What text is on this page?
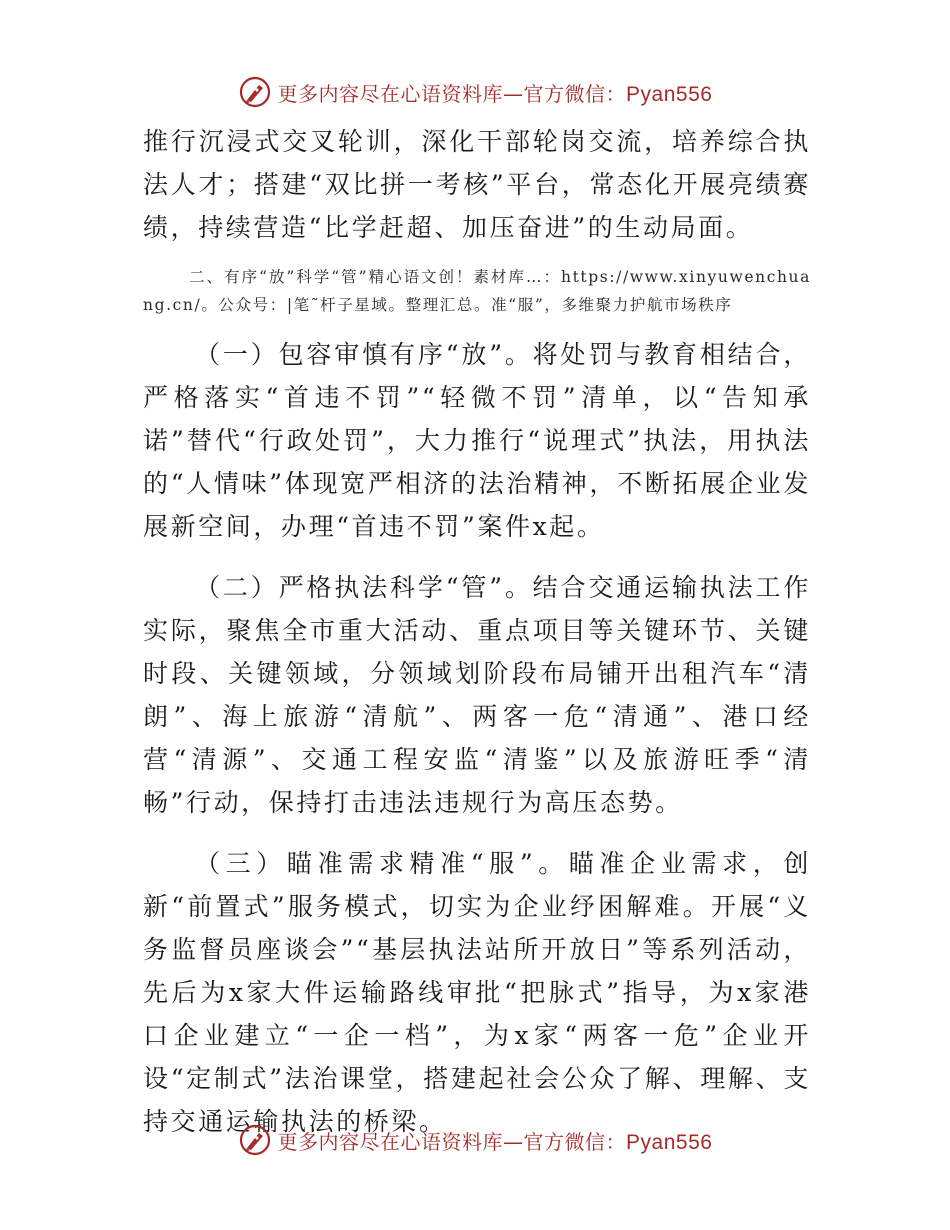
更多内容尽在心语资料库—官方微信：Pyan556

推行沉浸式交叉轮训，深化干部轮岗交流，培养综合执法人才；搭建“双比拼一考核”平台，常态化开展亮绩赛绩，持续营造“比学赶超、加压奋进”的生动局面。

二、有序“放”科学“管”精心语文创！素材库…：https://www.xinyuwenchuang.cn/。公众号：|笔˜杆子星域。整理汇总。准“服”，多维聚力护航市场秩序

（一）包容审慎有序“放”。将处罚与教育相结合，严格落实“首违不罚”“轻微不罚”清单，以“告知承诺”替代“行政处罚”，大力推行“说理式”执法，用执法的“人情味”体现宽严相济的法治精神，不断拓展企业发展新空间，办理“首违不罚”案件x起。

（二）严格执法科学“管”。结合交通运输执法工作实际，聚焦全市重大活动、重点项目等关键环节、关键时段、关键领域，分领域划阶段布局铺开出租汽车“清朗”、海上旅游“清航”、两客一危“清通”、港口经营“清源”、交通工程安监“清鉴”以及旅游旺季“清畅”行动，保持打击违法违规行为高压态势。

（三）瞄准需求精准“服”。瞄准企业需求，创新“前置式”服务模式，切实为企业纾困解难。开展“义务监督员座谈会”“基层执法站所开放日”等系列活动，先后为x家大件运输路线审批“把脉式”指导，为x家港口企业建立“一企一档”，为x家“两客一危”企业开设“定制式”法治课堂，搭建起社会公众了解、理解、支持交通运输执法的桥梁。

更多内容尽在心语资料库—官方微信：Pyan556
